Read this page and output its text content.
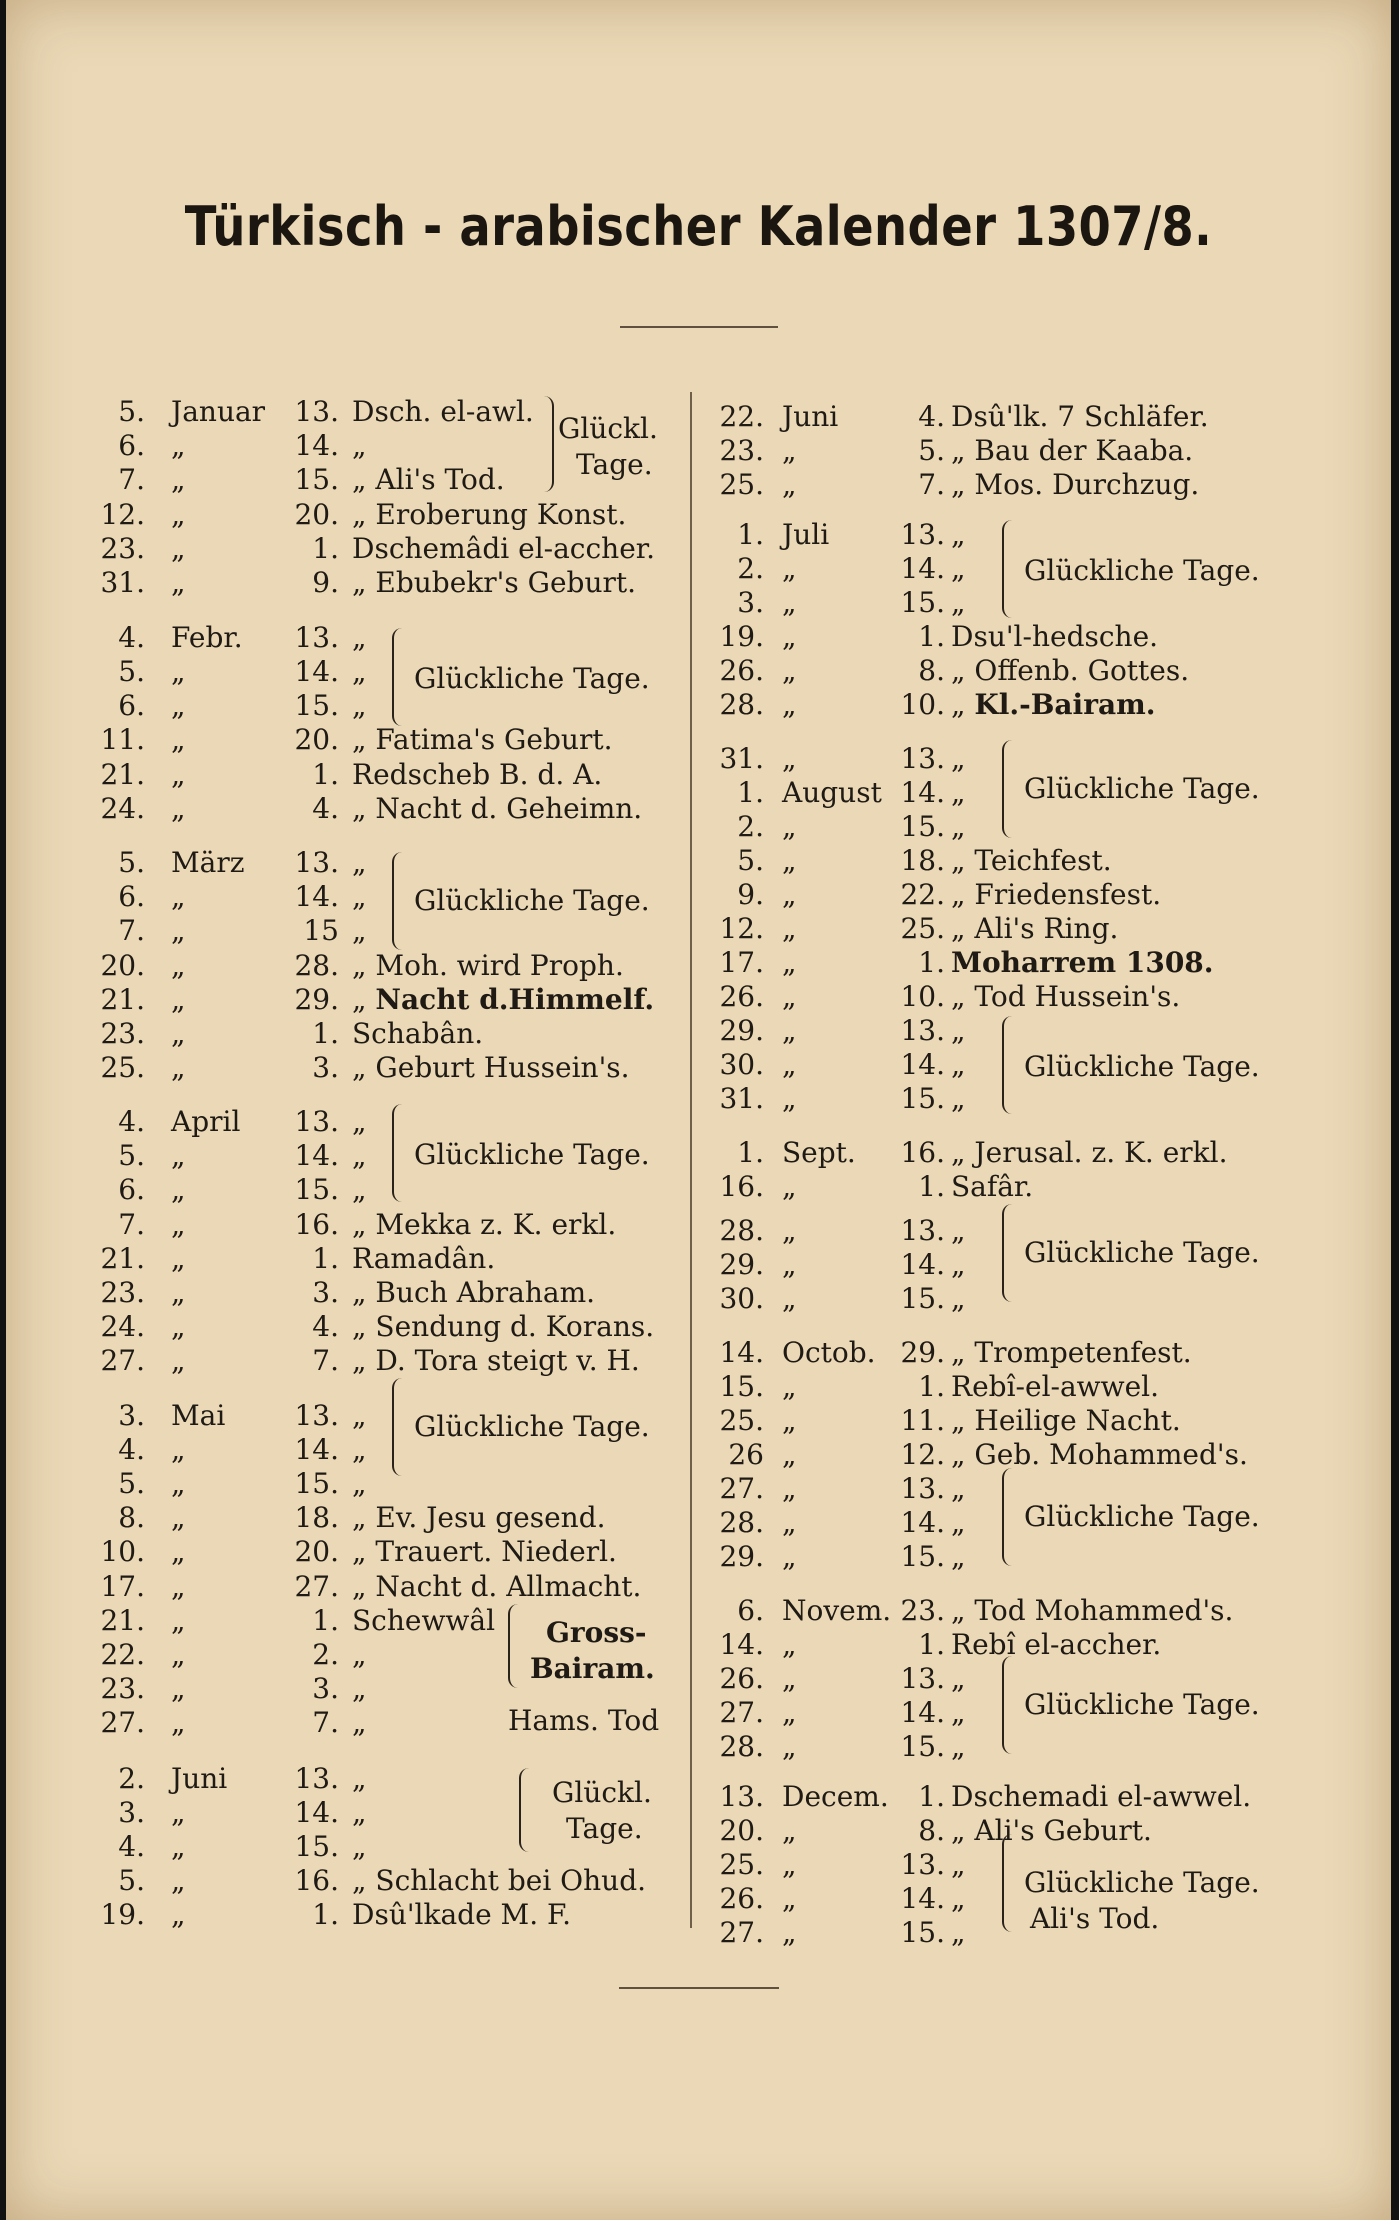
Türkisch - arabischer Kalender 1307/8.
5. Januar 13. Dsch. el-awl.
6. „	14. „
7. „	15. „ Ali's Tod.
12. „	20. „ Eroberung Konst.
23. „	1. Dschemâdi el-accher.
31. „	9. „ Ebubekr's Geburt.
4. Febr. 13. „
5. „	14. „
6. „	15. „
11. „	20. „ Fatima's Geburt.
21. „	1. Redscheb B. d. A.
24. „	4. „ Nacht d. Geheimn.
5. März 13. „
6. „	14. „
7. „	15 „
20. „	28. „ Moh. wird Proph.
21. „	29. „ Nacht d.Himmelf.
23. „	1. Schabân.
25. „	3. „ Geburt Hussein's.
4. April 13. „
5. „	14. „
6. „	15. „
7. „	16. „ Mekka z. K. erkl.
21. „	1. Ramadân.
23. „	3. „ Buch Abraham.
24. „	4. „ Sendung d. Korans.
27. „	7. „ D. Tora steigt v. H.
3. Mai 13. „
4. „	14. „
5. „	15. „
8. „	18. „ Ev. Jesu gesend.
10. „	20. „ Trauert. Niederl.
17. „	27. „ Nacht d. Allmacht.
21. „	1. Schewwâl
22. „	2. „
23. „	3. „
27. „	7. „
2. Juni 13. „
3. „	14. „
4. „	15. „
5. „	16. „ Schlacht bei Ohud.
19. „	1. Dsû'lkade M. F.
22. Juni	4. Dsû'lk. 7 Schläfer.
23. „	5. „ Bau der Kaaba.
25. „	7. „ Mos. Durchzug.
1. Juli	13. „
2. „	14. „
3. „	15. „
19. „	1. Dsu'l-hedsche.
26. „	8. „ Offenb. Gottes.
28. „	10. „ Kl.-Bairam.
31. „	13. „
1. August 14. „
2. „	15. „
5. „	18. „ Teichfest.
9. „	22. „ Friedensfest.
12. „	25. „ Ali's Ring.
17. „	1. Moharrem 1308.
26. „	10. „ Tod Hussein's.
29. „	13. „
30. „	14. „
31. „	15. „
1. Sept. 16. „ Jerusal. z. K. erkl.
16. „	1. Safâr.
28. „	13. „
29. „	14. „
30. „	15. „
14. Octob. 29. „ Trompetenfest.
15. „	1. Rebî-el-awwel.
25. „	11. „ Heilige Nacht.
26 „	12. „ Geb. Mohammed's.
27. „	13. „
28. „	14. „
29. „	15. „
6. Novem. 23. „ Tod Mohammed's.
14. „	1. Rebî el-accher.
26. „	13. „
27. „	14. „
28. „	15. „
13. Decem. 1. Dschemadi el-awwel.
20. „	8. „ Ali's Geburt.
25. „	13. „
26. „	14. „
27. „	15. „
Glückl.
Tage.
Glückliche Tage.
Glückliche Tage.
Glückliche Tage.
Glückliche Tage.
Gross-
Bairam.
Hams. Tod
Glückl.
Tage.
Glückliche Tage.
Glückliche Tage.
Glückliche Tage.
Glückliche Tage.
Glückliche Tage.
Glückliche Tage.
Glückliche Tage.
Ali's Tod.
